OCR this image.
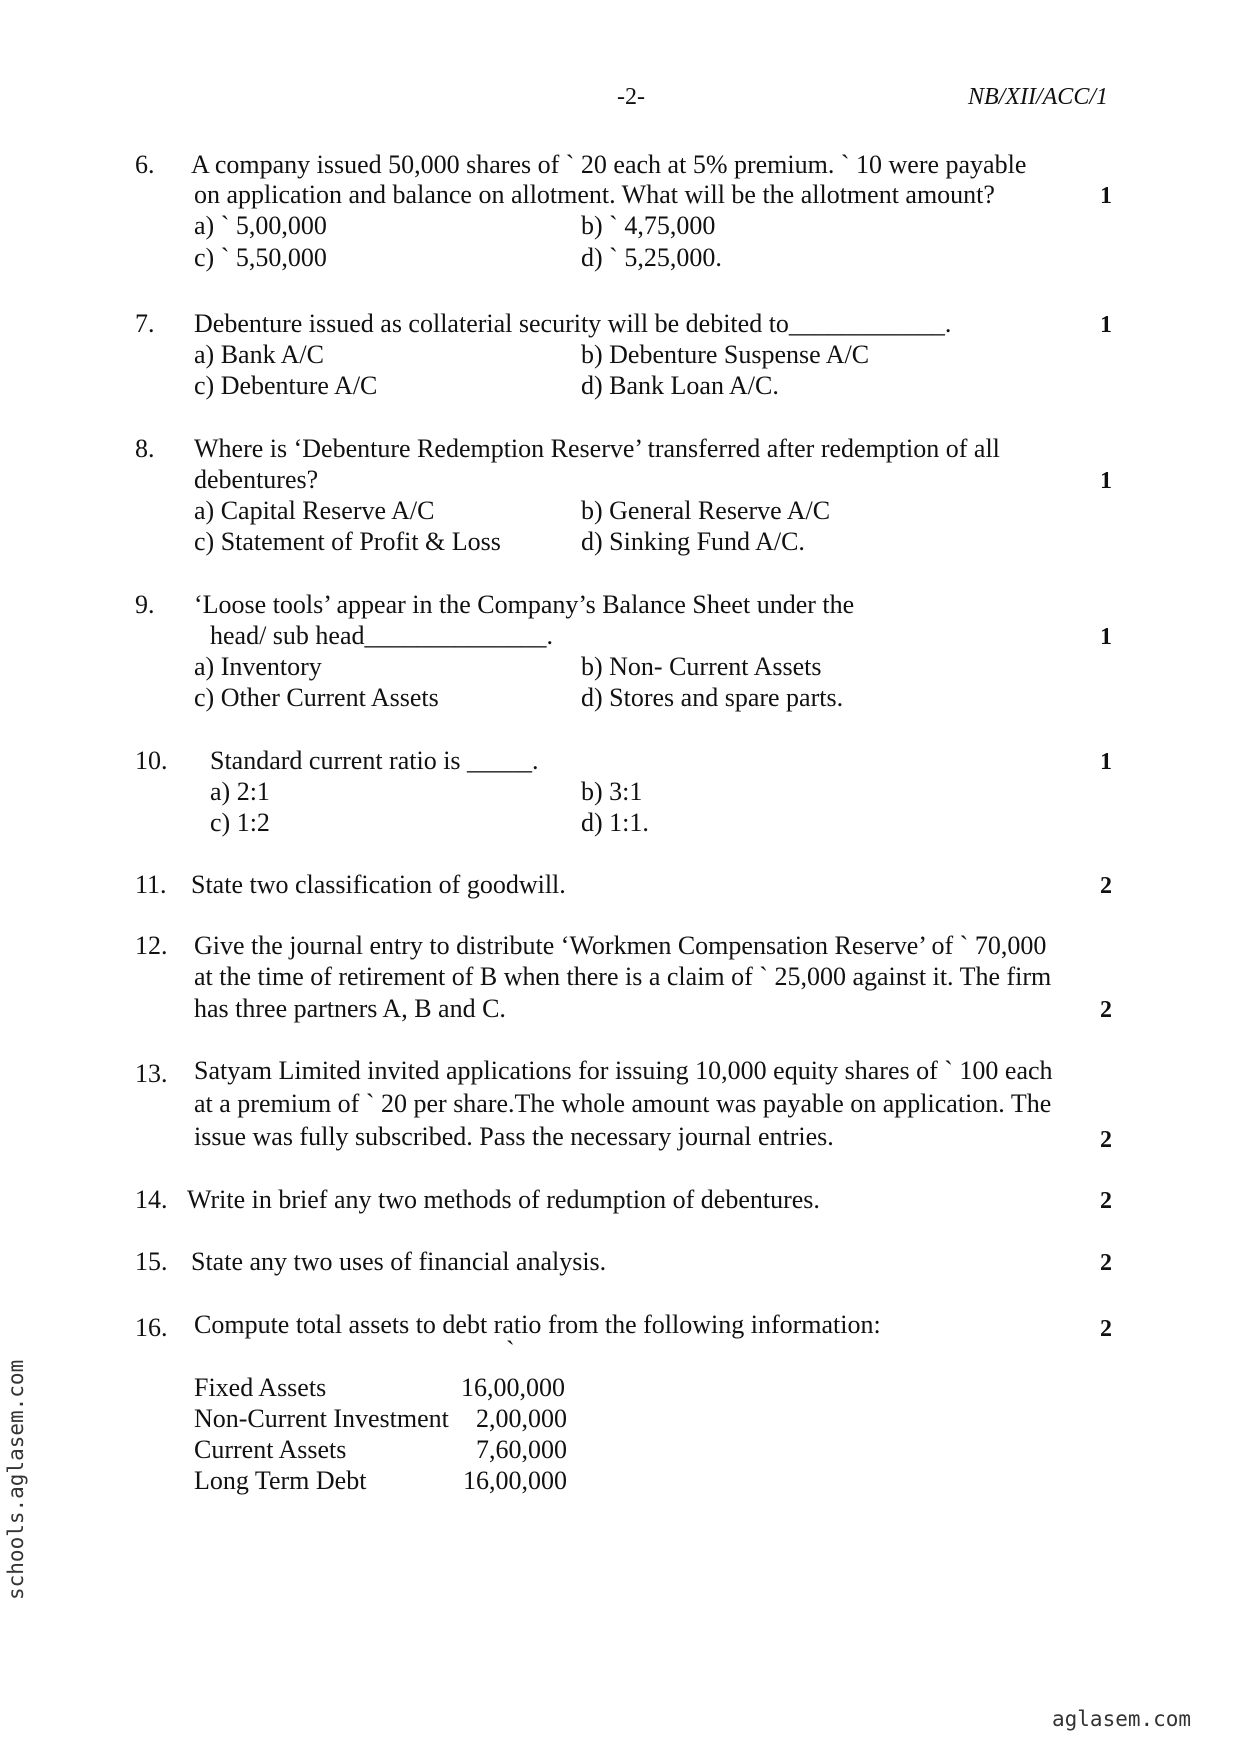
-2-	NB/XII/ACC/1
6. A company issued 50,000 shares of ` 20 each at 5% premium. ` 10 were payable
on application and balance on allotment. What will be the allotment amount?	1
a) ` 5,00,000	b) ` 4,75,000
c) ` 5,50,000	d) ` 5,25,000.
7. Debenture issued as collaterial security will be debited to____________.	1
a) Bank A/C	b) Debenture Suspense A/C
c) Debenture A/C	d) Bank Loan A/C.
8. Where is ‘Debenture Redemption Reserve’ transferred after redemption of all
debentures?	1
a) Capital Reserve A/C	b) General Reserve A/C
c) Statement of Profit & Loss	d) Sinking Fund A/C.
9. ‘Loose tools’ appear in the Company’s Balance Sheet under the
head/ sub head______________.	1
a) Inventory	b) Non- Current Assets
c) Other Current Assets	d) Stores and spare parts.
10. Standard current ratio is _____.	1
a) 2:1	b) 3:1
c) 1:2	d) 1:1.
11. State two classification of goodwill.	2
12. Give the journal entry to distribute ‘Workmen Compensation Reserve’ of ` 70,000
at the time of retirement of B when there is a claim of ` 25,000 against it. The firm
has three partners A, B and C.	2
13. Satyam Limited invited applications for issuing 10,000 equity shares of ` 100 each
at a premium of ` 20 per share.The whole amount was payable on application. The
issue was fully subscribed. Pass the necessary journal entries.	2
14. Write in brief any two methods of redumption of debentures.	2
15. State any two uses of financial analysis.	2
16. Compute total assets to debt ratio from the following information:	2
`
Fixed Assets	16,00,000
Non-Current Investment	2,00,000
Current Assets	7,60,000
Long Term Debt	16,00,000
schools.aglasem.com
aglasem.com
